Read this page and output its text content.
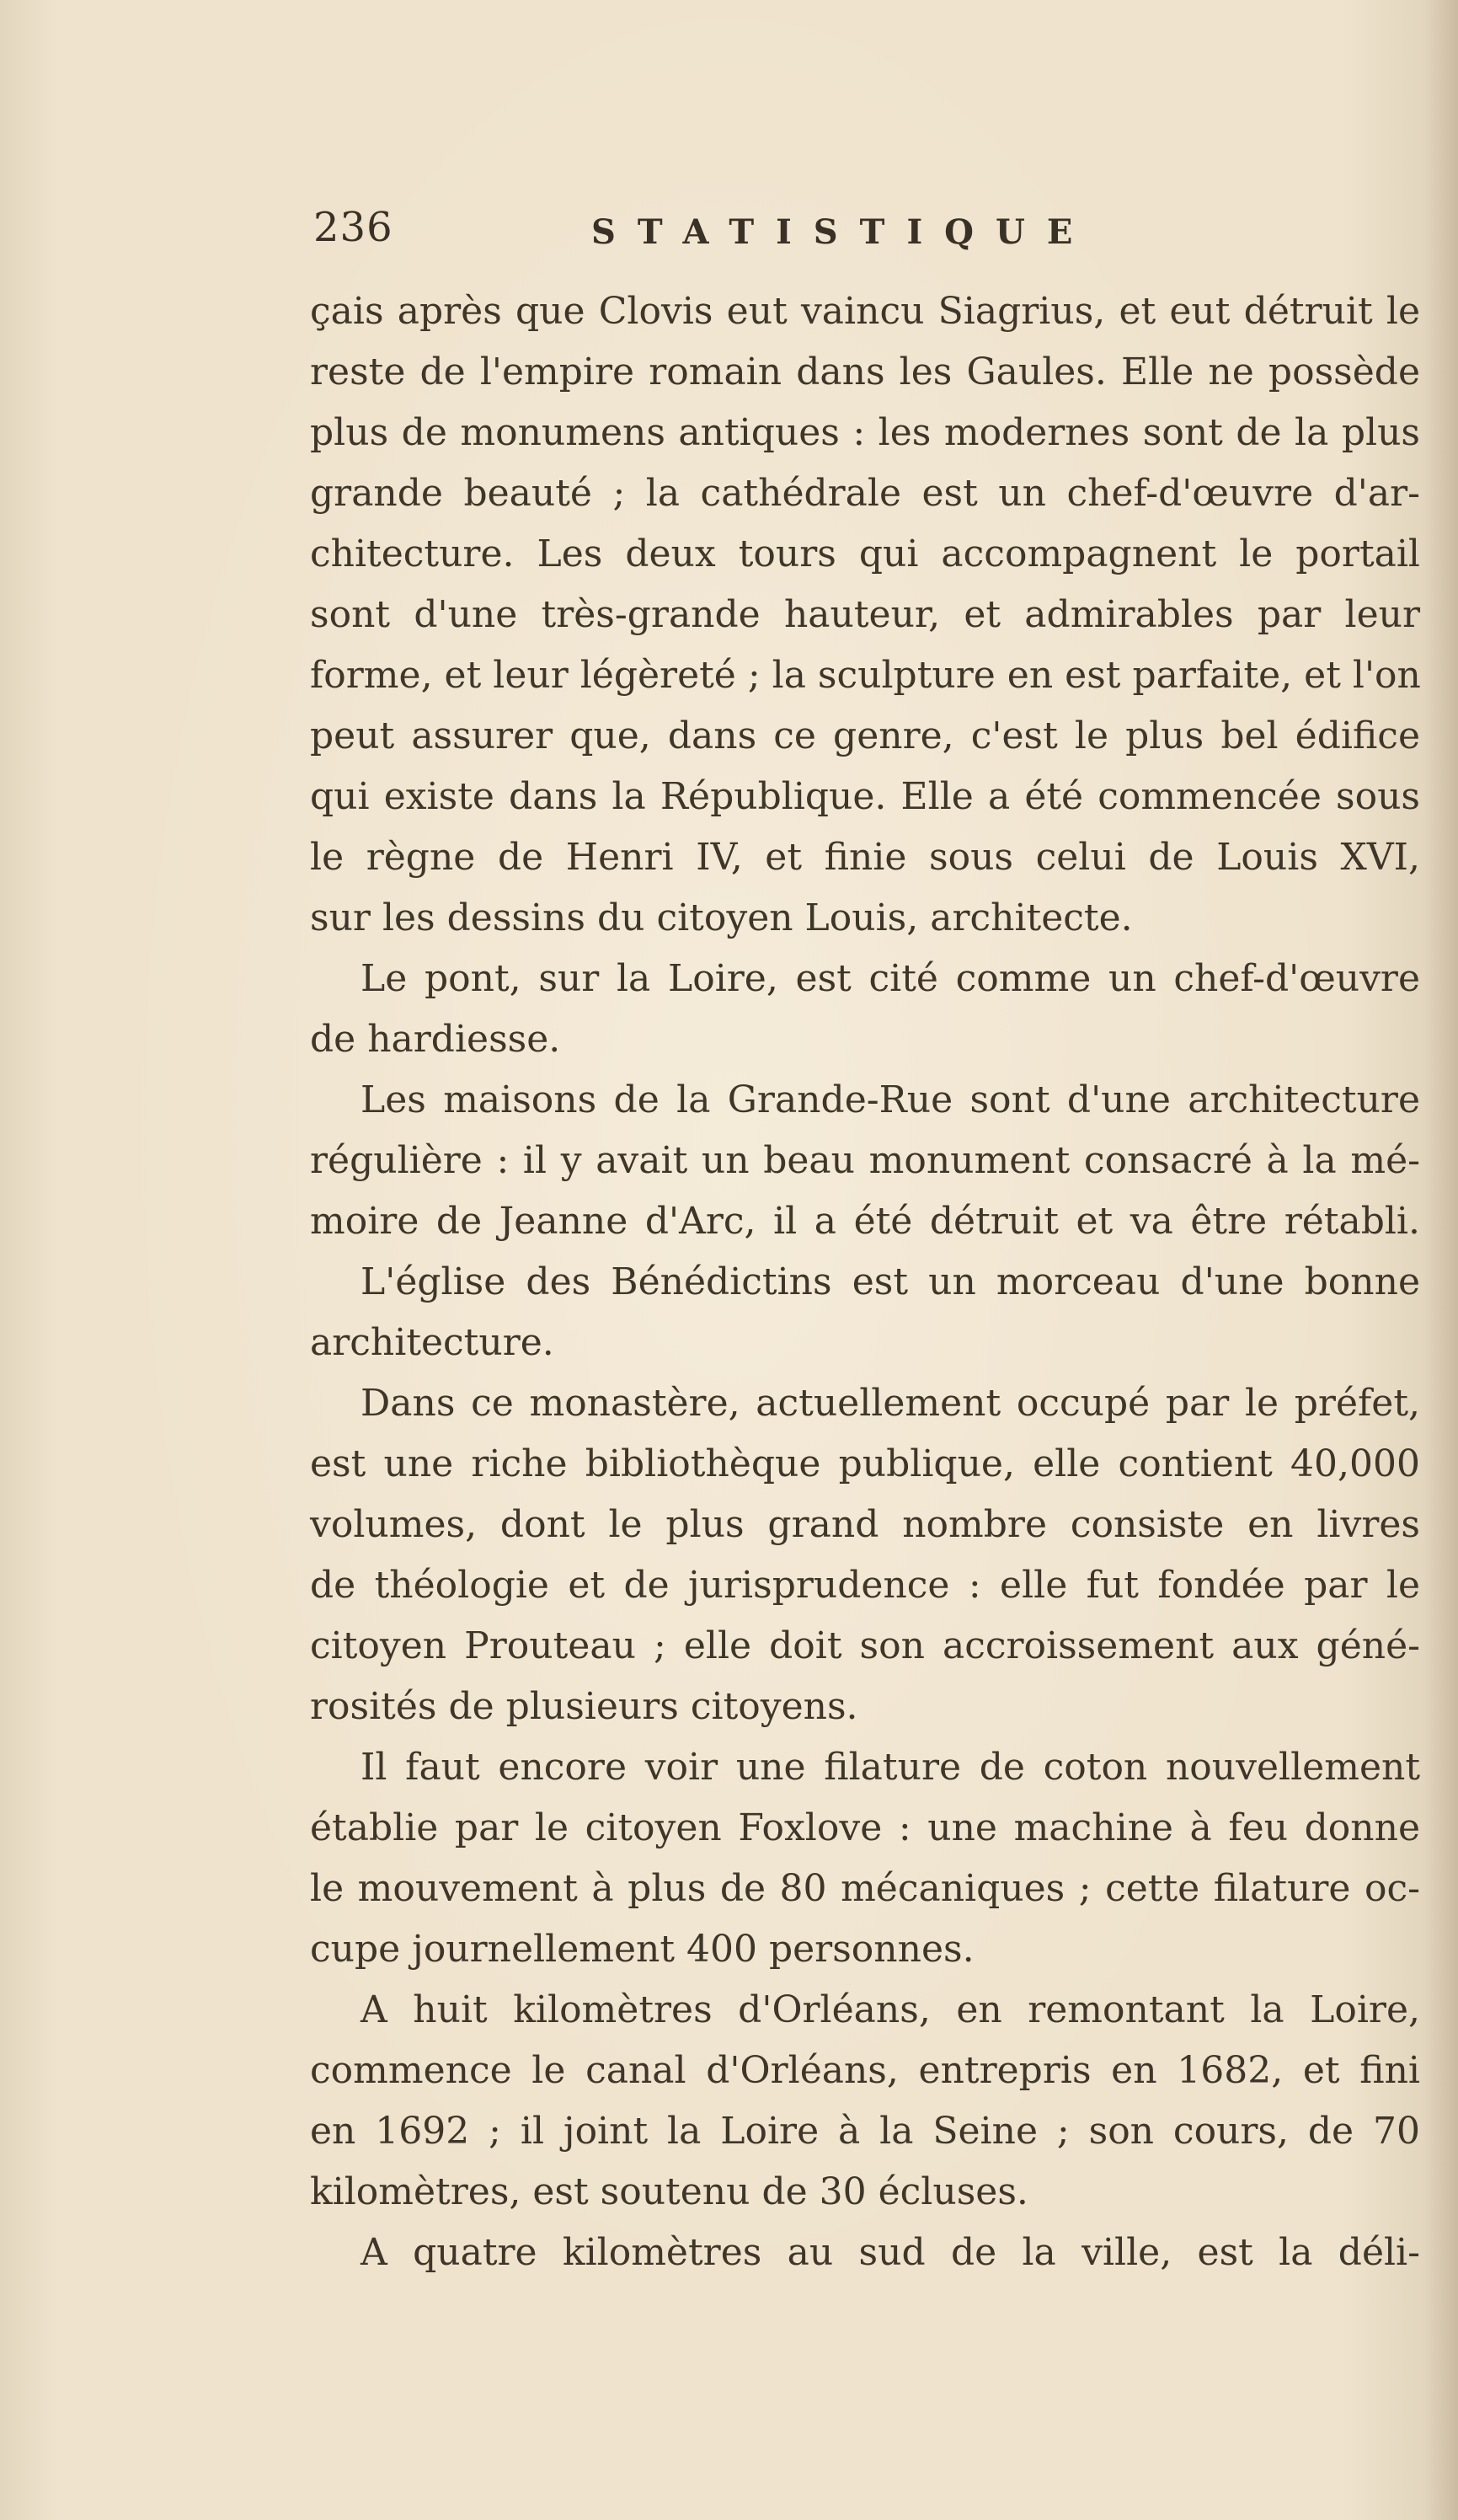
236	STATISTIQUE
çais après que Clovis eut vaincu Siagrius, et eut détruit le
reste de l'empire romain dans les Gaules. Elle ne possède
plus de monumens antiques : les modernes sont de la plus
grande beauté ; la cathédrale est un chef-d'œuvre d'ar-
chitecture. Les deux tours qui accompagnent le portail
sont d'une très-grande hauteur, et admirables par leur
forme, et leur légèreté ; la sculpture en est parfaite, et l'on
peut assurer que, dans ce genre, c'est le plus bel édifice
qui existe dans la République. Elle a été commencée sous
le règne de Henri IV, et finie sous celui de Louis XVI,
sur les dessins du citoyen Louis, architecte.
Le pont, sur la Loire, est cité comme un chef-d'œuvre
de hardiesse.
Les maisons de la Grande-Rue sont d'une architecture
régulière : il y avait un beau monument consacré à la mé-
moire de Jeanne d'Arc, il a été détruit et va être rétabli.
L'église des Bénédictins est un morceau d'une bonne
architecture.
Dans ce monastère, actuellement occupé par le préfet,
est une riche bibliothèque publique, elle contient 40,000
volumes, dont le plus grand nombre consiste en livres
de théologie et de jurisprudence : elle fut fondée par le
citoyen Prouteau ; elle doit son accroissement aux géné-
rosités de plusieurs citoyens.
Il faut encore voir une filature de coton nouvellement
établie par le citoyen Foxlove : une machine à feu donne
le mouvement à plus de 80 mécaniques ; cette filature oc-
cupe journellement 400 personnes.
A huit kilomètres d'Orléans, en remontant la Loire,
commence le canal d'Orléans, entrepris en 1682, et fini
en 1692 ; il joint la Loire à la Seine ; son cours, de 70
kilomètres, est soutenu de 30 écluses.
A quatre kilomètres au sud de la ville, est la déli-
